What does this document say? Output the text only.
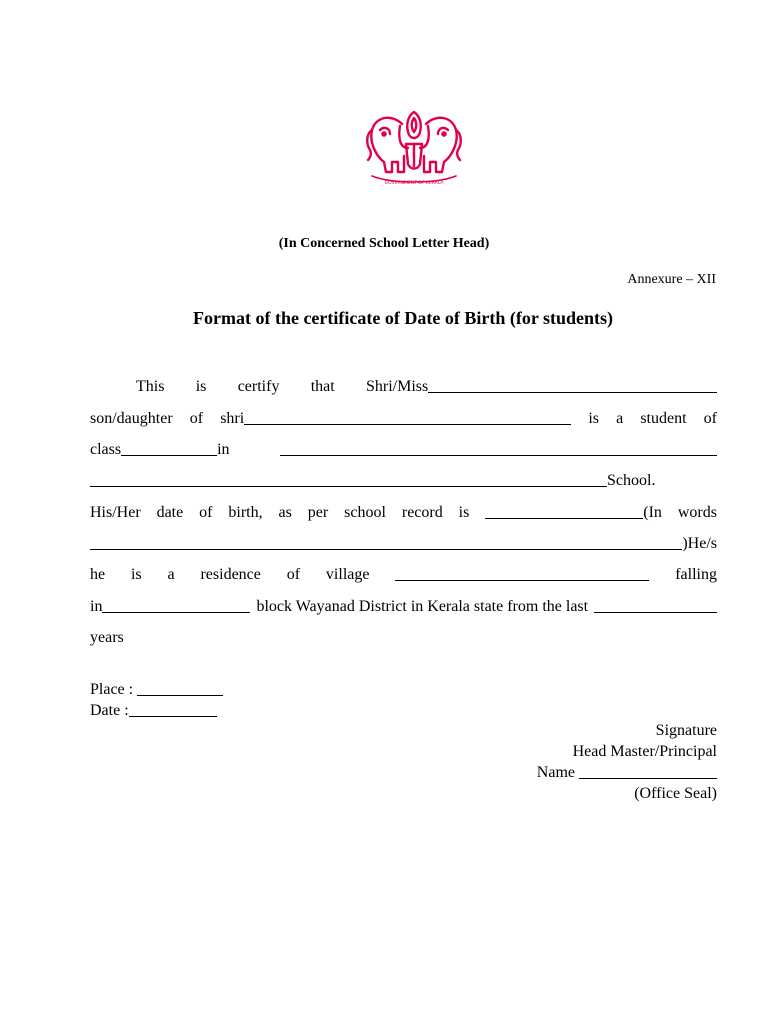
GOVERNMENT OF KERALA
(In Concerned School Letter Head)
Annexure – XII
Format of the certificate of Date of Birth (for students)
This is certify that Shri/Miss
son/daughter of shri	is a student of
class	in
School.
His/Her date of birth, as per school record is	(In words
)He/s
he is a residence of village	falling
in	block Wayanad District in Kerala state from the last
years
Place :
Date :
Signature
Head Master/Principal
Name
(Office Seal)
